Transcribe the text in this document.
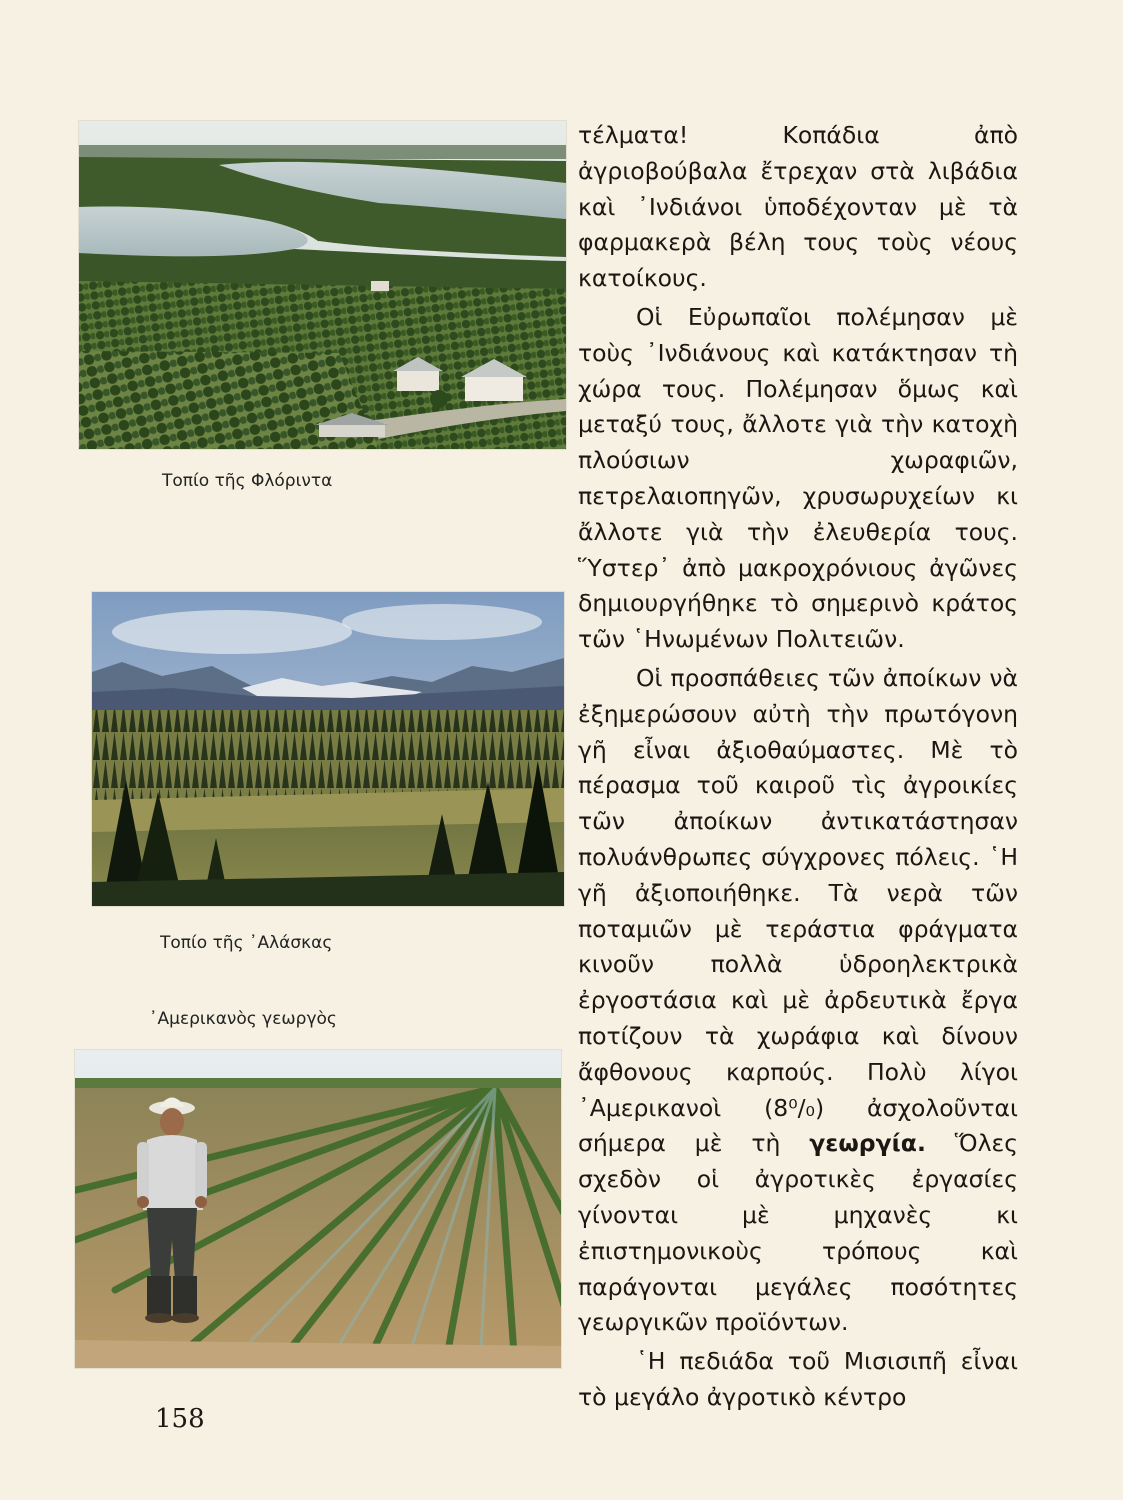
Τοπίο τῆς Φλόριντα
Τοπίο τῆς ᾿Αλάσκας
᾿Αμερικανὸς γεωργὸς

τέλματα! Κοπάδια ἀπὸ ἀγριοβούβαλα ἔτρεχαν στὰ λιβάδια καὶ ᾿Ινδιάνοι ὑποδέχονταν μὲ τὰ φαρμακερὰ βέλη τους τοὺς νέους κατοίκους.

Οἱ Εὐρωπαῖοι πολέμησαν μὲ τοὺς ᾿Ινδιάνους καὶ κατάκτησαν τὴ χώρα τους. Πολέμησαν ὅμως καὶ μεταξύ τους, ἄλλοτε γιὰ τὴν κατοχὴ πλούσιων χωραφιῶν, πετρελαιοπηγῶν, χρυσωρυχείων κι ἄλλοτε γιὰ τὴν ἐλευθερία τους. Ὕστερ᾿ ἀπὸ μακροχρόνιους ἀγῶνες δημιουργήθηκε τὸ σημερινὸ κράτος τῶν ῾Ηνωμένων Πολιτειῶν.

Οἱ προσπάθειες τῶν ἀποίκων νὰ ἐξημερώσουν αὐτὴ τὴν πρωτόγονη γῆ εἶναι ἀξιοθαύμαστες. Μὲ τὸ πέρασμα τοῦ καιροῦ τὶς ἀγροικίες τῶν ἀποίκων ἀντικατάστησαν πολυάνθρωπες σύγχρονες πόλεις. ῾Η γῆ ἀξιοποιήθηκε. Τὰ νερὰ τῶν ποταμιῶν μὲ τεράστια φράγματα κινοῦν πολλὰ ὑδροηλεκτρικὰ ἐργοστάσια καὶ μὲ ἀρδευτικὰ ἔργα ποτίζουν τὰ χωράφια καὶ δίνουν ἄφθονους καρπούς. Πολὺ λίγοι ᾿Αμερικανοὶ (8⁰/₀) ἀσχολοῦνται σήμερα μὲ τὴ γεωργία. Ὅλες σχεδὸν οἱ ἀγροτικὲς ἐργασίες γίνονται μὲ μηχανὲς κι ἐπιστημονικοὺς τρόπους καὶ παράγονται μεγάλες ποσότητες γεωργικῶν προϊόντων.

῾Η πεδιάδα τοῦ Μισισιπῆ εἶναι τὸ μεγάλο ἀγροτικὸ κέντρο

158
